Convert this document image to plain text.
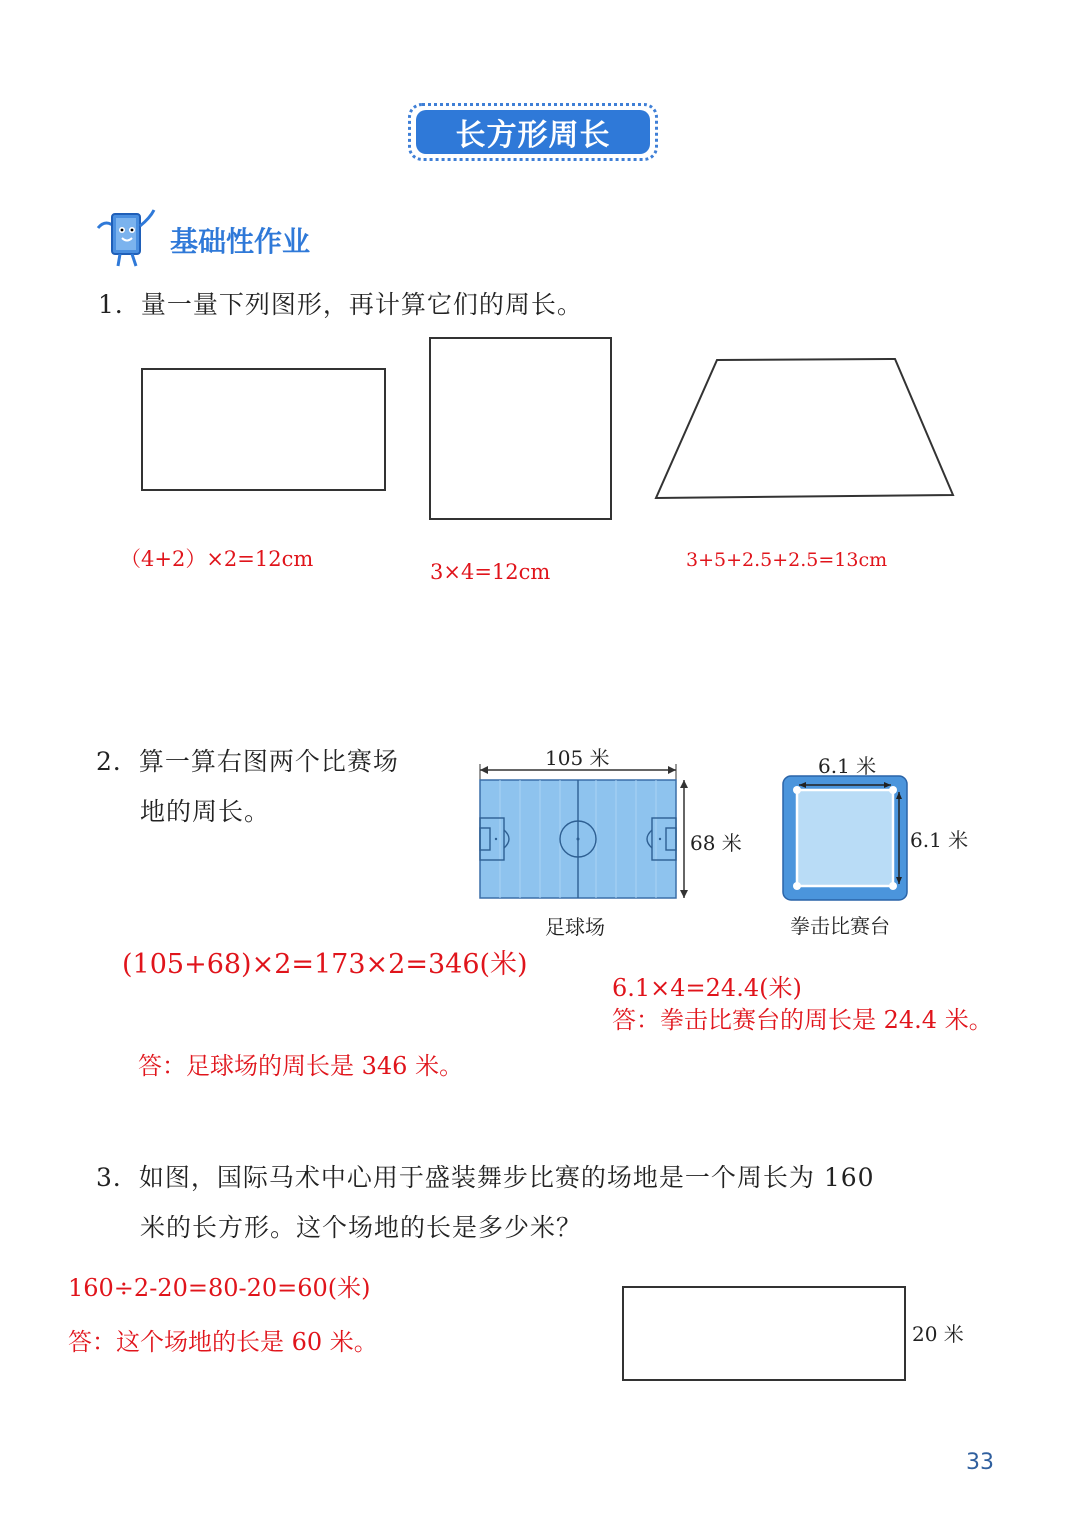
长方形周长
基础性作业
1．量一量下列图形，再计算它们的周长。
（4+2）×2=12cm
3×4=12cm	3+5+2.5+2.5=13cm
2．算一算右图两个比赛场
地的周长。
105 米
68 米
足球场
6.1 米
6.1 米
拳击比赛台
(105+68)×2=173×2=346(米)
6.1×4=24.4(米)
答：拳击比赛台的周长是 24.4 米。
答：足球场的周长是 346 米。
3．如图，国际马术中心用于盛装舞步比赛的场地是一个周长为 160
米的长方形。这个场地的长是多少米？
160÷2-20=80-20=60(米)
答：这个场地的长是 60 米。	20 米
33
